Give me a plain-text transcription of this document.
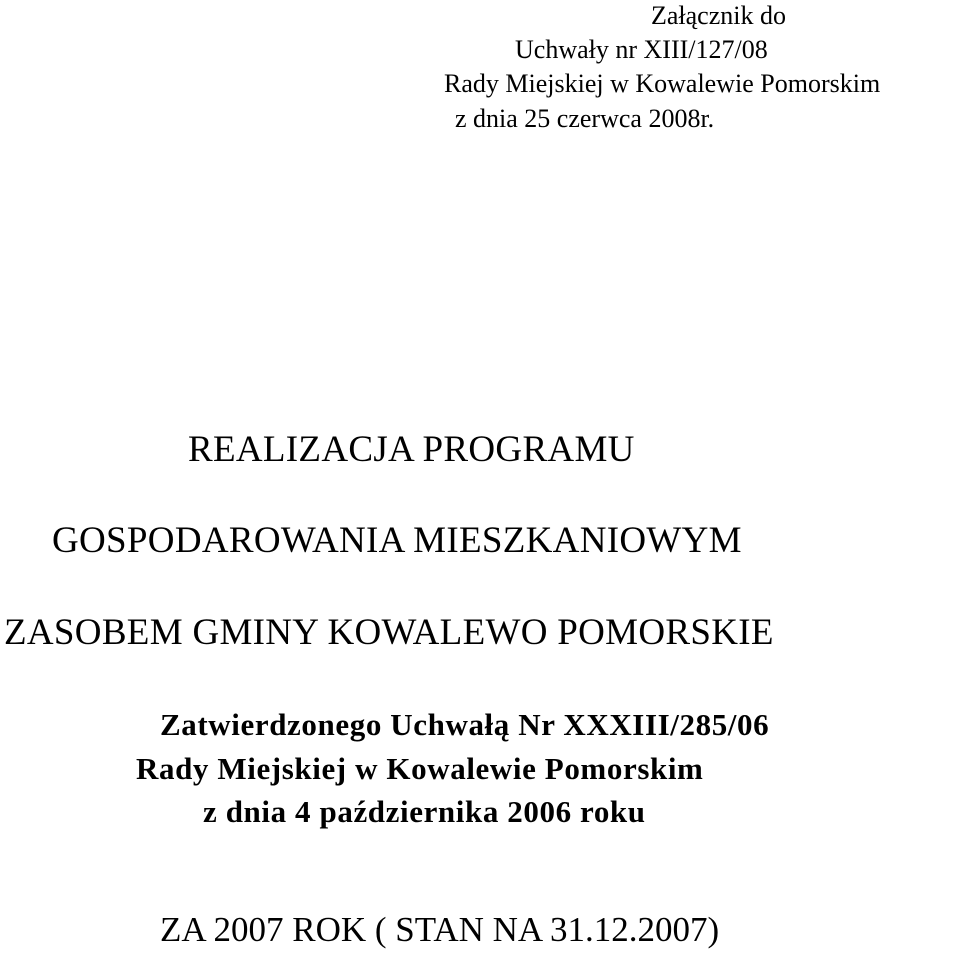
Załącznik do
Uchwały nr XIII/127/08
Rady Miejskiej w Kowalewie Pomorskim
z dnia 25 czerwca 2008r.
REALIZACJA PROGRAMU
GOSPODAROWANIA MIESZKANIOWYM
ZASOBEM GMINY KOWALEWO POMORSKIE
Zatwierdzonego Uchwałą Nr XXXIII/285/06
Rady Miejskiej w Kowalewie Pomorskim
z dnia 4 października 2006 roku
ZA 2007 ROK ( STAN NA 31.12.2007)
